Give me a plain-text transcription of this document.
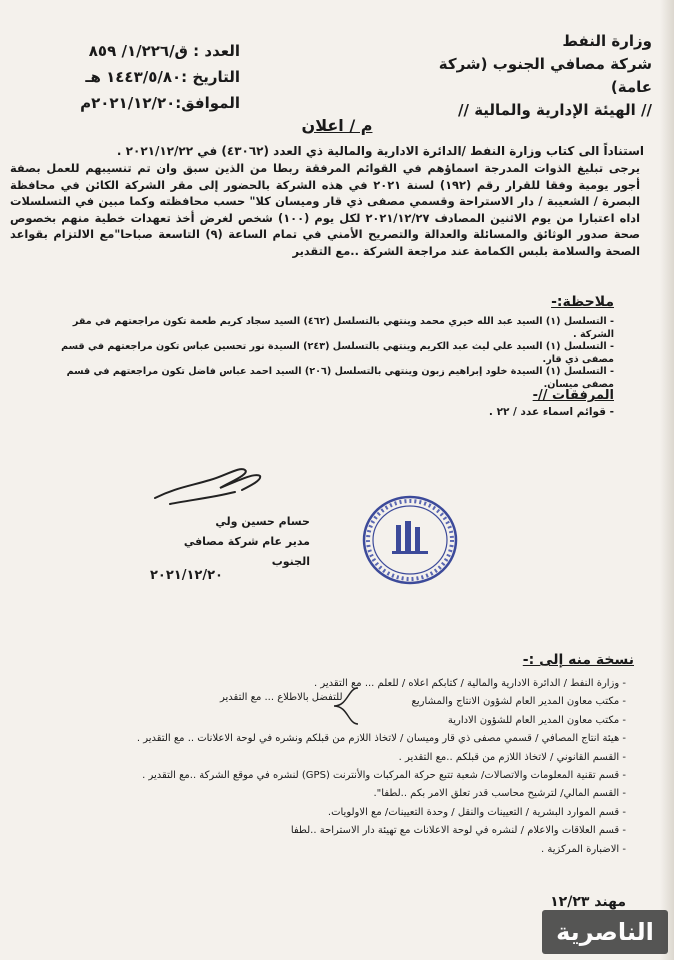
وزارة النفط
شركة مصافي الجنوب (شركة عامة)
// الهيئة الإدارية والمالية //
العدد : ق/١/٢٢٦/ ٨٥٩
التاريخ :١٤٤٣/٥/٨٠ هـ
الموافق:٢٠٢١/١٢/٢٠م
م / اعلان
استناداً الى كتاب وزارة النفط /الدائرة الادارية والمالية ذي العدد (٤٣٠٦٢) في ٢٠٢١/١٢/٢٢ .
يرجى تبليغ الذوات المدرجة اسماؤهم في القوائم المرفقة ربطا من الذين سبق وان تم تنسيبهم للعمل بصفة أجور يومية وفقا للقرار رقم (١٩٢) لسنة ٢٠٢١ في هذه الشركة بالحضور إلى مقر الشركة الكائن في محافظة البصرة / الشعيبة / دار الاستراحة وقسمي مصفى ذي قار وميسان كلا" حسب محافظته وكما مبين في التسلسلات اداه اعتبارا من يوم الاثنين المصادف ٢٠٢١/١٢/٢٧ لكل يوم (١٠٠) شخص لغرض أخذ تعهدات خطية منهم بخصوص صحة صدور الوثائق والمسائلة والعدالة والتصريح الأمني في تمام الساعة (٩) التاسعة صباحا"مع الالتزام بقواعد الصحة والسلامة بلبس الكمامة عند مراجعة الشركة ..مع التقدير
ملاحظة:-
- التسلسل (١) السيد عبد الله خيري محمد وينتهي بالتسلسل (٤٦٢) السيد سجاد كريم طعمة تكون مراجعتهم في مقر الشركة .
- التسلسل (١) السيد علي ليث عبد الكريم وينتهي بالتسلسل (٢٤٣) السيدة نور تحسين عباس تكون مراجعتهم في قسم مصفى ذي قار.
- التسلسل (١) السيدة خلود إبراهيم زبون وينتهي بالتسلسل (٢٠٦) السيد احمد عباس فاضل تكون مراجعتهم في قسم مصفى ميسان.
المرفقات //-
- قوائم اسماء عدد / ٢٢ .
حسام حسين ولي
مدير عام شركة مصافي الجنوب
٢٠٢١/١٢/٢٠
نسخة منه إلى :-
- وزارة النفط / الدائرة الادارية والمالية / كتابكم اعلاه / للعلم ... مع التقدير .
- مكتب معاون المدير العام لشؤون الانتاج والمشاريع
- مكتب معاون المدير العام للشؤون الادارية
- هيئة انتاج المصافي / قسمي مصفى ذي قار وميسان / لاتخاذ اللازم من قبلكم ونشره في لوحة الاعلانات .. مع التقدير .
- القسم القانوني / لاتخاذ اللازم من قبلكم ..مع التقدير .
- قسم تقنية المعلومات والاتصالات/ شعبة تتبع حركة المركبات والأنترنت (GPS) لنشره في موقع الشركة ..مع التقدير .
- القسم المالي/ لترشيح محاسب قدر تعلق الامر بكم ..لطفا".
- قسم الموارد البشرية / التعيينات والنقل / وحدة التعيينات/ مع الاولويات.
- قسم العلاقات والاعلام / لنشره في لوحة الاعلانات مع تهيئة دار الاستراحة ..لطفا
- الاضبارة المركزية .
للتفضل بالاطلاع ... مع التقدير
مهند ١٢/٢٣
الناصرية
